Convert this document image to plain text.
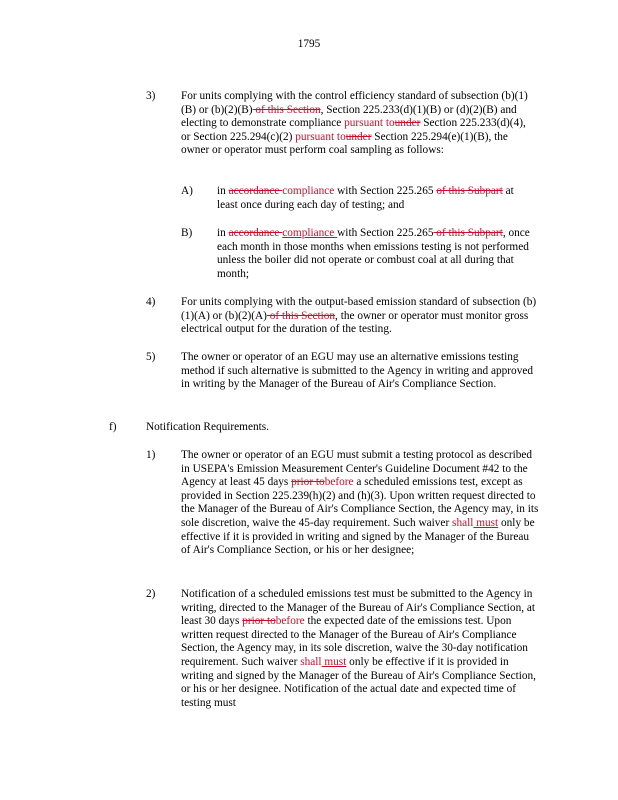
1795
3) For units complying with the control efficiency standard of subsection (b)(1)(B) or (b)(2)(B) of this Section, Section 225.233(d)(1)(B) or (d)(2)(B) and electing to demonstrate compliance pursuant tounder Section 225.233(d)(4), or Section 225.294(c)(2) pursuant tounder Section 225.294(e)(1)(B), the owner or operator must perform coal sampling as follows:
A) in accordance compliance with Section 225.265 of this Subpart at least once during each day of testing; and
B) in accordance compliance with Section 225.265 of this Subpart, once each month in those months when emissions testing is not performed unless the boiler did not operate or combust coal at all during that month;
4) For units complying with the output-based emission standard of subsection (b)(1)(A) or (b)(2)(A) of this Section, the owner or operator must monitor gross electrical output for the duration of the testing.
5) The owner or operator of an EGU may use an alternative emissions testing method if such alternative is submitted to the Agency in writing and approved in writing by the Manager of the Bureau of Air's Compliance Section.
f)	Notification Requirements.
1) The owner or operator of an EGU must submit a testing protocol as described in USEPA's Emission Measurement Center's Guideline Document #42 to the Agency at least 45 days prior tobefore a scheduled emissions test, except as provided in Section 225.239(h)(2) and (h)(3). Upon written request directed to the Manager of the Bureau of Air's Compliance Section, the Agency may, in its sole discretion, waive the 45-day requirement. Such waiver shall must only be effective if it is provided in writing and signed by the Manager of the Bureau of Air's Compliance Section, or his or her designee;
2) Notification of a scheduled emissions test must be submitted to the Agency in writing, directed to the Manager of the Bureau of Air's Compliance Section, at least 30 days prior tobefore the expected date of the emissions test. Upon written request directed to the Manager of the Bureau of Air's Compliance Section, the Agency may, in its sole discretion, waive the 30-day notification requirement. Such waiver shall must only be effective if it is provided in writing and signed by the Manager of the Bureau of Air's Compliance Section, or his or her designee. Notification of the actual date and expected time of testing must
